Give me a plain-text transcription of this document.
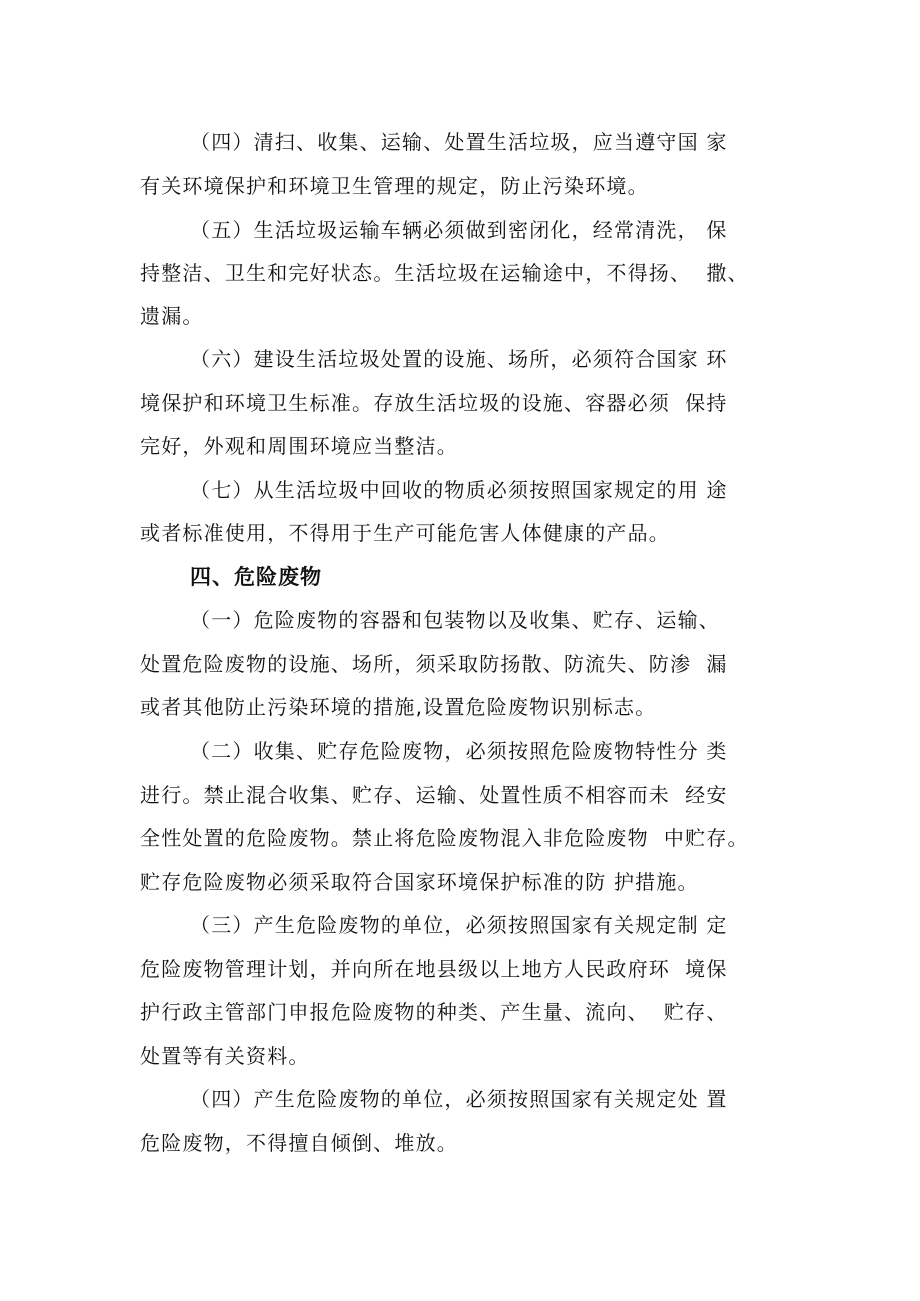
（四）清扫、收集、运输、处置生活垃圾，应当遵守国 家
有关环境保护和环境卫生管理的规定，防止污染环境。
（五）生活垃圾运输车辆必须做到密闭化，经常清洗， 保
持整洁、卫生和完好状态。生活垃圾在运输途中，不得扬、  撒、
遗漏。
（六）建设生活垃圾处置的设施、场所，必须符合国家 环
境保护和环境卫生标准。存放生活垃圾的设施、容器必须  保持
完好，外观和周围环境应当整洁。
（七）从生活垃圾中回收的物质必须按照国家规定的用 途
或者标准使用，不得用于生产可能危害人体健康的产品。
四、危险废物
（一）危险废物的容器和包装物以及收集、贮存、运输、
处置危险废物的设施、场所，须采取防扬散、防流失、防渗  漏
或者其他防止污染环境的措施,设置危险废物识别标志。
（二）收集、贮存危险废物，必须按照危险废物特性分 类
进行。禁止混合收集、贮存、运输、处置性质不相容而未  经安
全性处置的危险废物。禁止将危险废物混入非危险废物  中贮存。
贮存危险废物必须采取符合国家环境保护标准的防 护措施。
（三）产生危险废物的单位，必须按照国家有关规定制 定
危险废物管理计划，并向所在地县级以上地方人民政府环  境保
护行政主管部门申报危险废物的种类、产生量、流向、  贮存、
处置等有关资料。
（四）产生危险废物的单位，必须按照国家有关规定处 置
危险废物，不得擅自倾倒、堆放。
